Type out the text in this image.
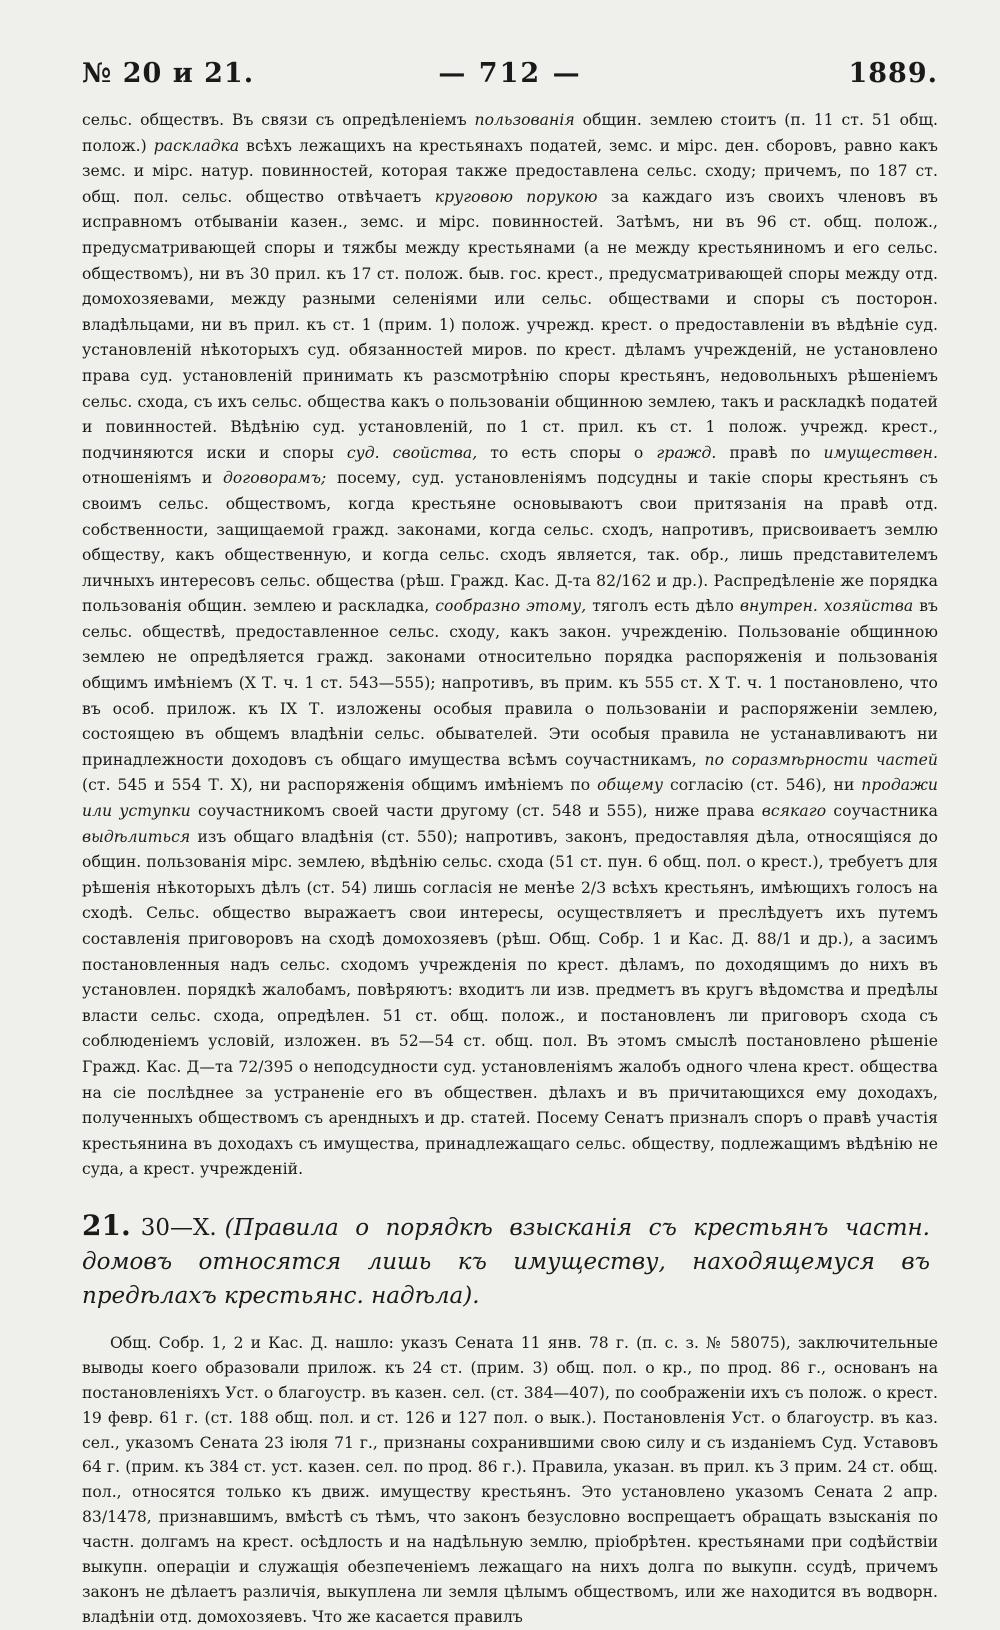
№ 20 и 21.	— 712 —	1889.

сельс. обществъ. Въ связи съ опредѣленіемъ пользованія общин. землею стоитъ (п. 11 ст. 51 общ. полож.) раскладка всѣхъ лежащихъ на крестьянахъ податей, земс. и мірс. ден. сборовъ, равно какъ земс. и мірс. натур. повинностей, которая также предоставлена сельс. сходу; причемъ, по 187 ст. общ. пол. сельс. общество отвѣчаетъ круговою порукою за каждаго изъ своихъ членовъ въ исправномъ отбываніи казен., земс. и мірс. повинностей. Затѣмъ, ни въ 96 ст. общ. полож., предусматривающей споры и тяжбы между крестьянами (а не между крестьяниномъ и его сельс. обществомъ), ни въ 30 прил. къ 17 ст. полож. быв. гос. крест., предусматривающей споры между отд. домохозяевами, между разными селеніями или сельс. обществами и споры съ посторон. владѣльцами, ни въ прил. къ ст. 1 (прим. 1) полож. учрежд. крест. о предоставленіи въ вѣдѣніе суд. установленій нѣкоторыхъ суд. обязанностей миров. по крест. дѣламъ учрежденій, не установлено права суд. установленій принимать къ разсмотрѣнію споры крестьянъ, недовольныхъ рѣшеніемъ сельс. схода, съ ихъ сельс. общества какъ о пользованіи общинною землею, такъ и раскладкѣ податей и повинностей. Вѣдѣнію суд. установленій, по 1 ст. прил. къ ст. 1 полож. учрежд. крест., подчиняются иски и споры суд. свойства, то есть споры о гражд. правѣ по имуществен. отношеніямъ и договорамъ; посему, суд. установленіямъ подсудны и такіе споры крестьянъ съ своимъ сельс. обществомъ, когда крестьяне основываютъ свои притязанія на правѣ отд. собственности, защищаемой гражд. законами, когда сельс. сходъ, напротивъ, присвоиваетъ землю обществу, какъ общественную, и когда сельс. сходъ является, так. обр., лишь представителемъ личныхъ интересовъ сельс. общества (рѣш. Гражд. Кас. Д-та 82/162 и др.). Распредѣленіе же порядка пользованія общин. землею и раскладка, сообразно этому, тяголъ есть дѣло внутрен. хозяйства въ сельс. обществѣ, предоставленное сельс. сходу, какъ закон. учрежденію. Пользованіе общинною землею не опредѣляется гражд. законами относительно порядка распоряженія и пользованія общимъ имѣніемъ (X Т. ч. 1 ст. 543—555); напротивъ, въ прим. къ 555 ст. X Т. ч. 1 постановлено, что въ особ. прилож. къ IX Т. изложены особыя правила о пользованіи и распоряженіи землею, состоящею въ общемъ владѣніи сельс. обывателей. Эти особыя правила не устанавливаютъ ни принадлежности доходовъ съ общаго имущества всѣмъ соучастникамъ, по соразмѣрности частей (ст. 545 и 554 Т. X), ни распоряженія общимъ имѣніемъ по общему согласію (ст. 546), ни продажи или уступки соучастникомъ своей части другому (ст. 548 и 555), ниже права всякаго соучастника выдѣлиться изъ общаго владѣнія (ст. 550); напротивъ, законъ, предоставляя дѣла, относящіяся до общин. пользованія мірс. землею, вѣдѣнію сельс. схода (51 ст. пун. 6 общ. пол. о крест.), требуетъ для рѣшенія нѣкоторыхъ дѣлъ (ст. 54) лишь согласія не менѣе 2/3 всѣхъ крестьянъ, имѣющихъ голосъ на сходѣ. Сельс. общество выражаетъ свои интересы, осуществляетъ и преслѣдуетъ ихъ путемъ составленія приговоровъ на сходѣ домохозяевъ (рѣш. Общ. Собр. 1 и Кас. Д. 88/1 и др.), а засимъ постановленныя надъ сельс. сходомъ учрежденія по крест. дѣламъ, по доходящимъ до нихъ въ установлен. порядкѣ жалобамъ, повѣряютъ: входитъ ли изв. предметъ въ кругъ вѣдомства и предѣлы власти сельс. схода, опредѣлен. 51 ст. общ. полож., и постановленъ ли приговоръ схода съ соблюденіемъ условій, изложен. въ 52—54 ст. общ. пол. Въ этомъ смыслѣ постановлено рѣшеніе Гражд. Кас. Д—та 72/395 о неподсудности суд. установленіямъ жалобъ одного члена крест. общества на сіе послѣднее за устраненіе его въ обществен. дѣлахъ и въ причитающихся ему доходахъ, полученныхъ обществомъ съ арендныхъ и др. статей. Посему Сенатъ призналъ споръ о правѣ участія крестьянина въ доходахъ съ имущества, принадлежащаго сельс. обществу, подлежащимъ вѣдѣнію не суда, а крест. учрежденій.

21. 30—X. (Правила о порядкѣ взысканія съ крестьянъ частн. домовъ относятся лишь къ имуществу, находящемуся въ предѣлахъ крестьянс. надѣла).

Общ. Собр. 1, 2 и Кас. Д. нашло: указъ Сената 11 янв. 78 г. (п. с. з. № 58075), заключительные выводы коего образовали прилож. къ 24 ст. (прим. 3) общ. пол. о кр., по прод. 86 г., основанъ на постановленіяхъ Уст. о благоустр. въ казен. сел. (ст. 384—407), по соображеніи ихъ съ полож. о крест. 19 февр. 61 г. (ст. 188 общ. пол. и ст. 126 и 127 пол. о вык.). Постановленія Уст. о благоустр. въ каз. сел., указомъ Сената 23 іюля 71 г., признаны сохранившими свою силу и съ изданіемъ Суд. Уставовъ 64 г. (прим. къ 384 ст. уст. казен. сел. по прод. 86 г.). Правила, указан. въ прил. къ 3 прим. 24 ст. общ. пол., относятся только къ движ. имуществу крестьянъ. Это установлено указомъ Сената 2 апр. 83/1478, признавшимъ, вмѣстѣ съ тѣмъ, что законъ безусловно воспрещаетъ обращать взысканія по частн. долгамъ на крест. осѣдлость и на надѣльную землю, пріобрѣтен. крестьянами при содѣйствіи выкупн. операціи и служащія обезпеченіемъ лежащаго на нихъ долга по выкупн. ссудѣ, причемъ законъ не дѣлаетъ различія, выкуплена ли земля цѣлымъ обществомъ, или же находится въ водворн. владѣніи отд. домохозяевъ. Что же касается правилъ
